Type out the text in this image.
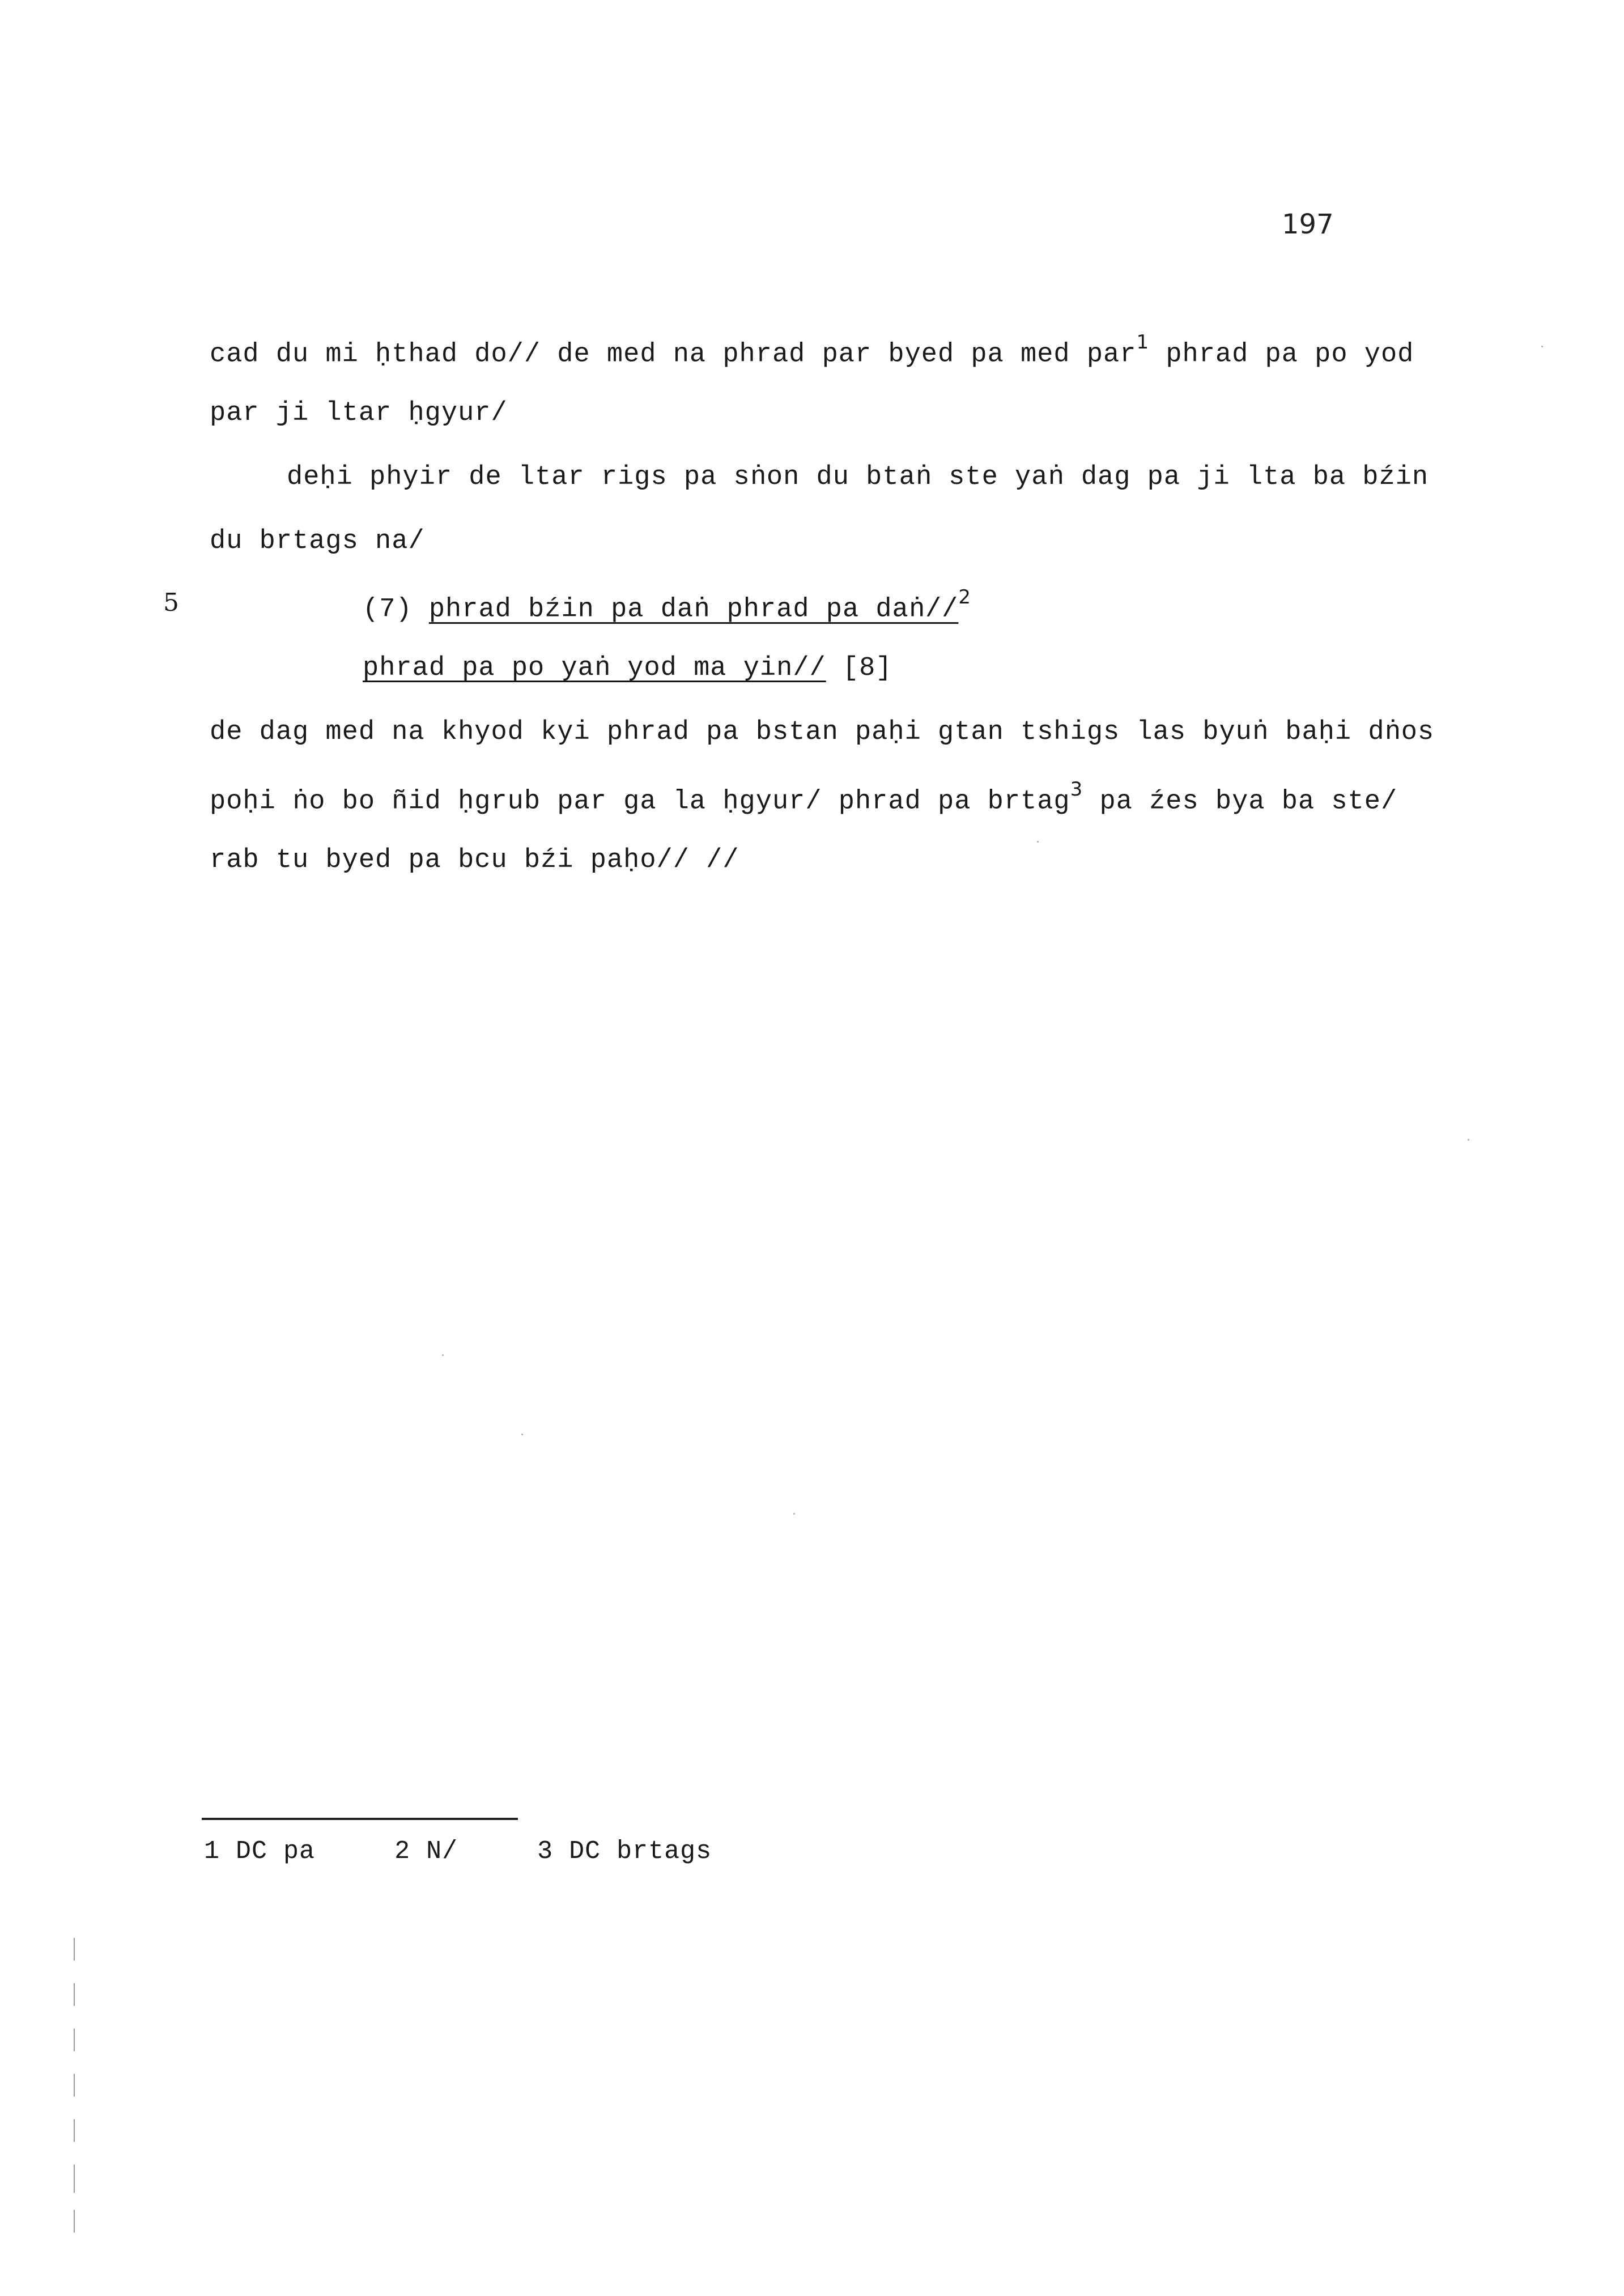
197
cad du mi ḥthad do// de med na phrad par byed pa med par$^1$ phrad pa po yod
par ji ltar ḥgyur/
deḥi phyir de ltar rigs pa sṅon du btaṅ ste yaṅ dag pa ji lta ba bźin
du brtags na/
5	(7) phrad bźin pa daṅ phrad pa daṅ//$^2$
phrad pa po yaṅ yod ma yin// [8]
de dag med na khyod kyi phrad pa bstan paḥi gtan tshigs las byuṅ baḥi dṅos
poḥi ṅo bo ñid ḥgrub par ga la ḥgyur/ phrad pa brtag$^3$ pa źes bya ba ste/
rab tu byed pa bcu bźi paḥo// //
1 DC pa	2 N/	3 DC brtags
